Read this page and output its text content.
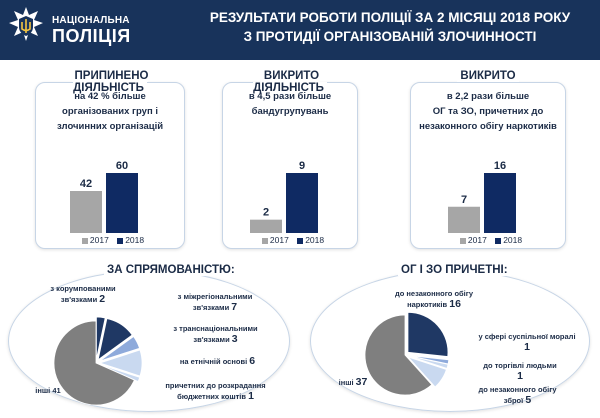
НАЦІОНАЛЬНА
ПОЛІЦІЯ
РЕЗУЛЬТАТИ РОБОТИ ПОЛІЦІЇ ЗА 2 МІСЯЦІ 2018 РОКУ
З ПРОТИДІЇ ОРГАНІЗОВАНІЙ ЗЛОЧИННОСТІ
ПРИПИНЕНО ДІЯЛЬНІСТЬ
на 42 % більше
організованих груп і
злочинних організацій
42
60
2017 2018
ВИКРИТО ДІЯЛЬНІСТЬ
в 4,5 рази більше
бандугрупувань
2
9
2017 2018
ВИКРИТО
в 2,2 рази більше
ОГ та ЗО, причетних до
незаконного обігу наркотиків
7
16
2017 2018
ЗА СПРЯМОВАНІСТЮ:
з корумпованими
зв'язками 2	з міжрегіональними
зв'язками 7
з транснаціональними
зв'язками 3
на етнічній основі 6
причетних до розкрадання
бюджетних коштів 1
інші 41
ОГ І ЗО ПРИЧЕТНІ:
до незаконного обігу
наркотиків 16
у сфері суспільної моралі
1
до торгівлі людьми
1
до незаконного обігу
зброї 5
інші 37
